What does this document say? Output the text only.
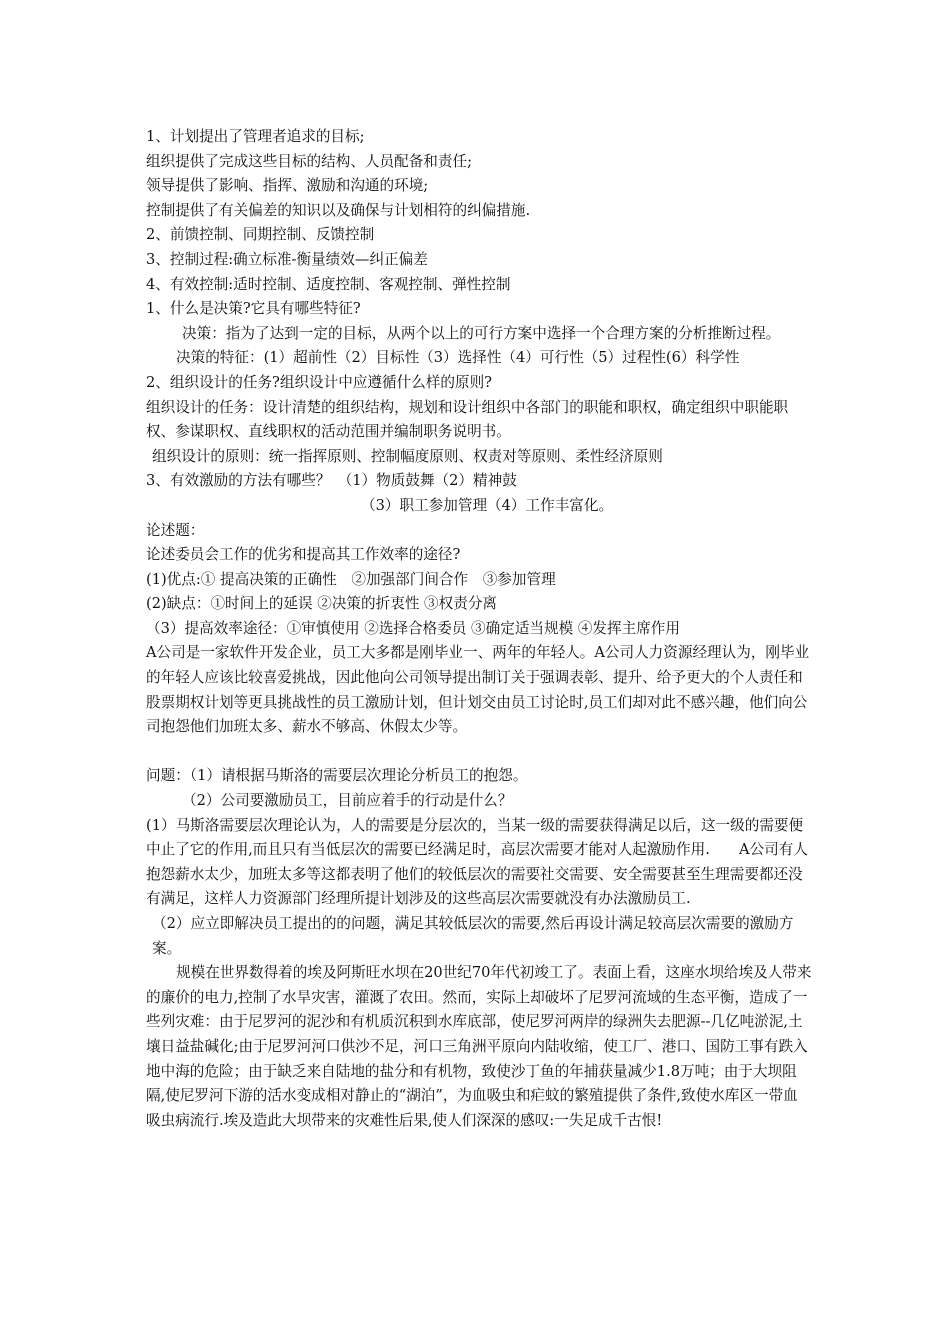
1、计划提出了管理者追求的目标;

组织提供了完成这些目标的结构、人员配备和责任;

领导提供了影响、指挥、激励和沟通的环境;

控制提供了有关偏差的知识以及确保与计划相符的纠偏措施.

2、前馈控制、同期控制、反馈控制

3、控制过程:确立标准-衡量绩效—纠正偏差

4、有效控制:适时控制、适度控制、客观控制、弹性控制

1、什么是决策?它具有哪些特征?

决策：指为了达到一定的目标，从两个以上的可行方案中选择一个合理方案的分析推断过程。

决策的特征：(1）超前性（2）目标性（3）选择性（4）可行性（5）过程性(6）科学性

2、组织设计的任务?组织设计中应遵循什么样的原则?

组织设计的任务：设计清楚的组织结构，规划和设计组织中各部门的职能和职权，确定组织中职能职权、参谋职权、直线职权的活动范围并编制职务说明书。

组织设计的原则：统一指挥原则、控制幅度原则、权责对等原则、柔性经济原则

3、有效激励的方法有哪些？　（1）物质鼓舞（2）精神鼓

（3）职工参加管理（4）工作丰富化。

论述题：

论述委员会工作的优劣和提高其工作效率的途径?

(1)优点:① 提高决策的正确性　②加强部门间合作　③参加管理

(2)缺点：①时间上的延误 ②决策的折衷性 ③权责分离

（3）提高效率途径：①审慎使用 ②选择合格委员 ③确定适当规模 ④发挥主席作用

A公司是一家软件开发企业，员工大多都是刚毕业一、两年的年轻人。A公司人力资源经理认为，刚毕业的年轻人应该比较喜爱挑战，因此他向公司领导提出制订关于强调表彰、提升、给予更大的个人责任和股票期权计划等更具挑战性的员工激励计划，但计划交由员工讨论时,员工们却对此不感兴趣，他们向公司抱怨他们加班太多、薪水不够高、休假太少等。

问题：（1）请根据马斯洛的需要层次理论分析员工的抱怨。

（2）公司要激励员工，目前应着手的行动是什么？

(1）马斯洛需要层次理论认为，人的需要是分层次的，当某一级的需要获得满足以后，这一级的需要便中止了它的作用,而且只有当低层次的需要已经满足时，高层次需要才能对人起激励作用.　　A公司有人抱怨薪水太少，加班太多等这都表明了他们的较低层次的需要社交需要、安全需要甚至生理需要都还没有满足，这样人力资源部门经理所提计划涉及的这些高层次需要就没有办法激励员工.

（2）应立即解决员工提出的的问题，满足其较低层次的需要,然后再设计满足较高层次需要的激励方案。

规模在世界数得着的埃及阿斯旺水坝在20世纪70年代初竣工了。表面上看，这座水坝给埃及人带来的廉价的电力,控制了水旱灾害，灌溉了农田。然而，实际上却破坏了尼罗河流域的生态平衡，造成了一些列灾难：由于尼罗河的泥沙和有机质沉积到水库底部，使尼罗河两岸的绿洲失去肥源--几亿吨淤泥,土壤日益盐碱化;由于尼罗河河口供沙不足，河口三角洲平原向内陆收缩，使工厂、港口、国防工事有跌入地中海的危险；由于缺乏来自陆地的盐分和有机物，致使沙丁鱼的年捕获量减少1.8万吨；由于大坝阻隔,使尼罗河下游的活水变成相对静止的“湖泊”，为血吸虫和疟蚊的繁殖提供了条件,致使水库区一带血吸虫病流行.埃及造此大坝带来的灾难性后果,使人们深深的感叹:一失足成千古恨!
